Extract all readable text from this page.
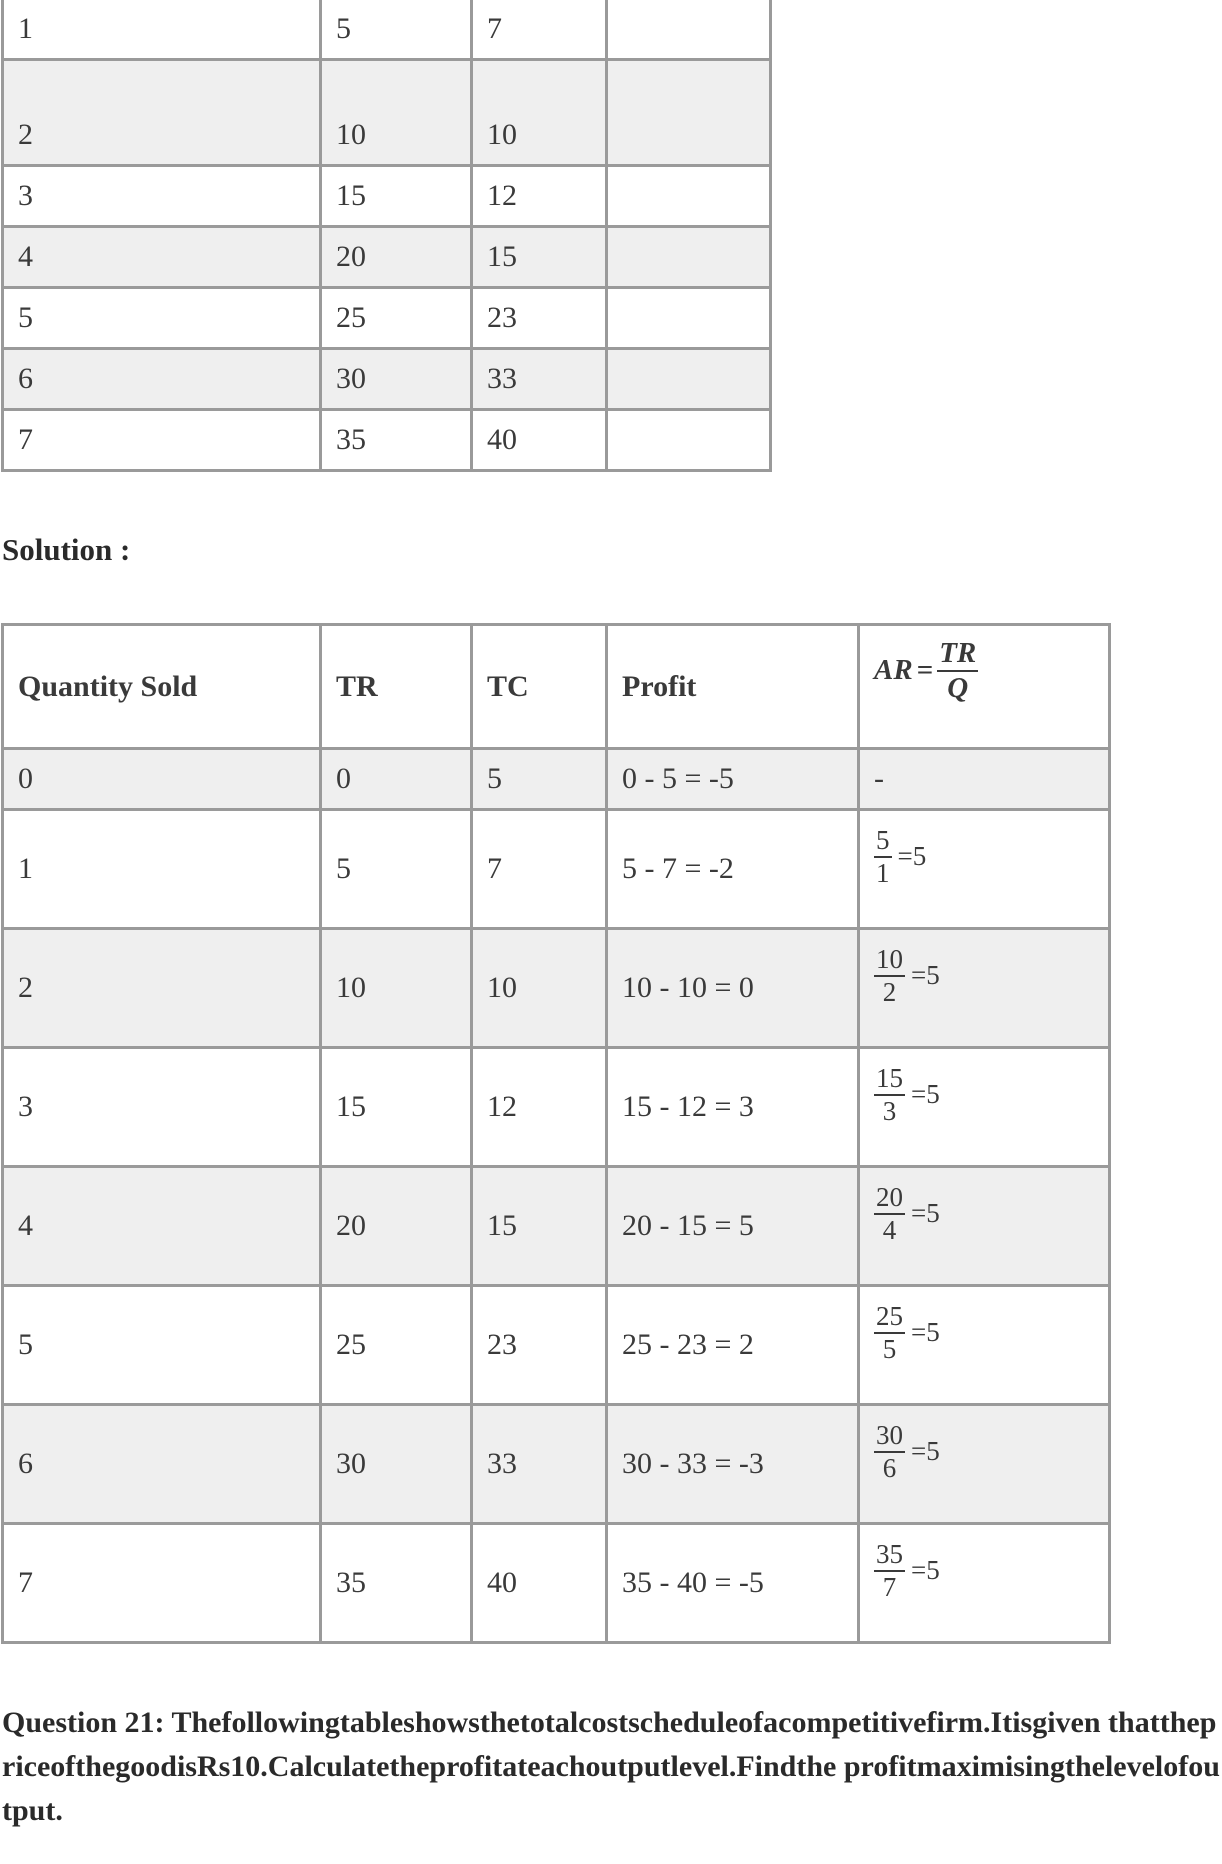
1	5	7	
2	10	10	
3	15	12	
4	20	15	
5	25	23	
6	30	33	
7	35	40	

Solution :

Quantity Sold	TR	TC	Profit	AR = $\frac{TR}{Q}$

0	0	5	0 - 5 = -5	-
1	5	7	5 - 7 = -2	$\frac{5}{1} =5$

2	10	10	10 - 10 = 0	$\frac{10}{2} =5$

3	15	12	15 - 12 = 3	$\frac{15}{3} =5$

4	20	15	20 - 15 = 5	$\frac{20}{4} =5$

5	25	23	25 - 23 = 2	$\frac{25}{5} =5$

6	30	33	30 - 33 = -3	$\frac{30}{6} =5$

7	35	40	35 - 40 = -5	$\frac{35}{7} =5$

Question 21: Thefollowingtableshowsthetotalcostscheduleofacompetitivefirm.Itisgiven thatthepriceofthegoodisRs10.Calculatetheprofitateachoutputlevel.Findthe profitmaximisingthelevelofoutput.
